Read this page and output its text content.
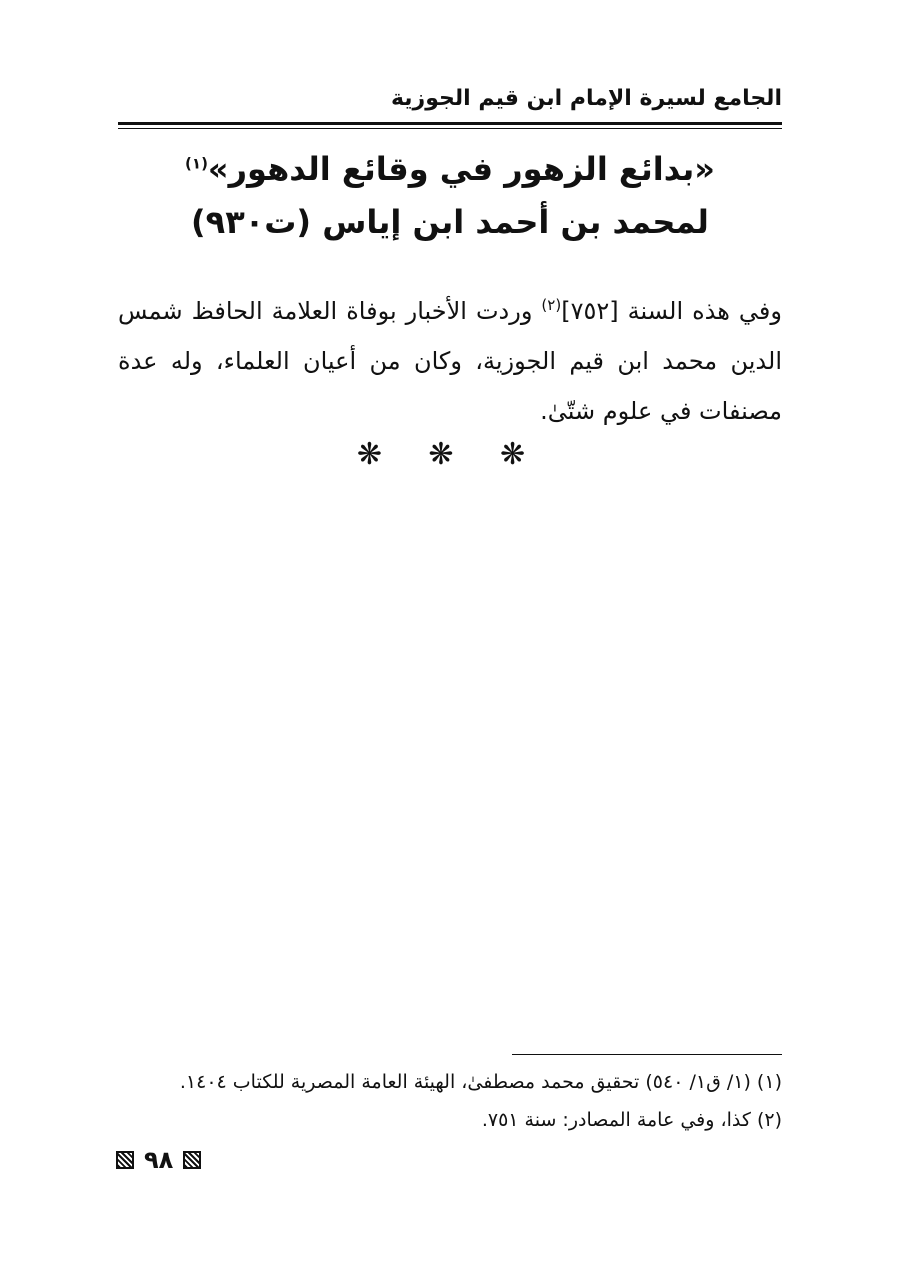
الجامع لسيرة الإمام ابن قيم الجوزية
«بدائع الزهور في وقائع الدهور»$^{(١)}$
لمحمد بن أحمد ابن إياس (ت٩٣٠)
وفي هذه السنة [٧٥٢]$^{(٢)}$ وردت الأخبار بوفاة العلامة الحافظ شمس الدين محمد ابن قيم الجوزية، وكان من أعيان العلماء، وله عدة مصنفات في علوم شتّىٰ.
❋ ❋ ❋
(١) (١/ ق١/ ٥٤٠) تحقيق محمد مصطفىٰ، الهيئة العامة المصرية للكتاب ١٤٠٤.
(٢) كذا، وفي عامة المصادر: سنة ٧٥١.
٩٨
